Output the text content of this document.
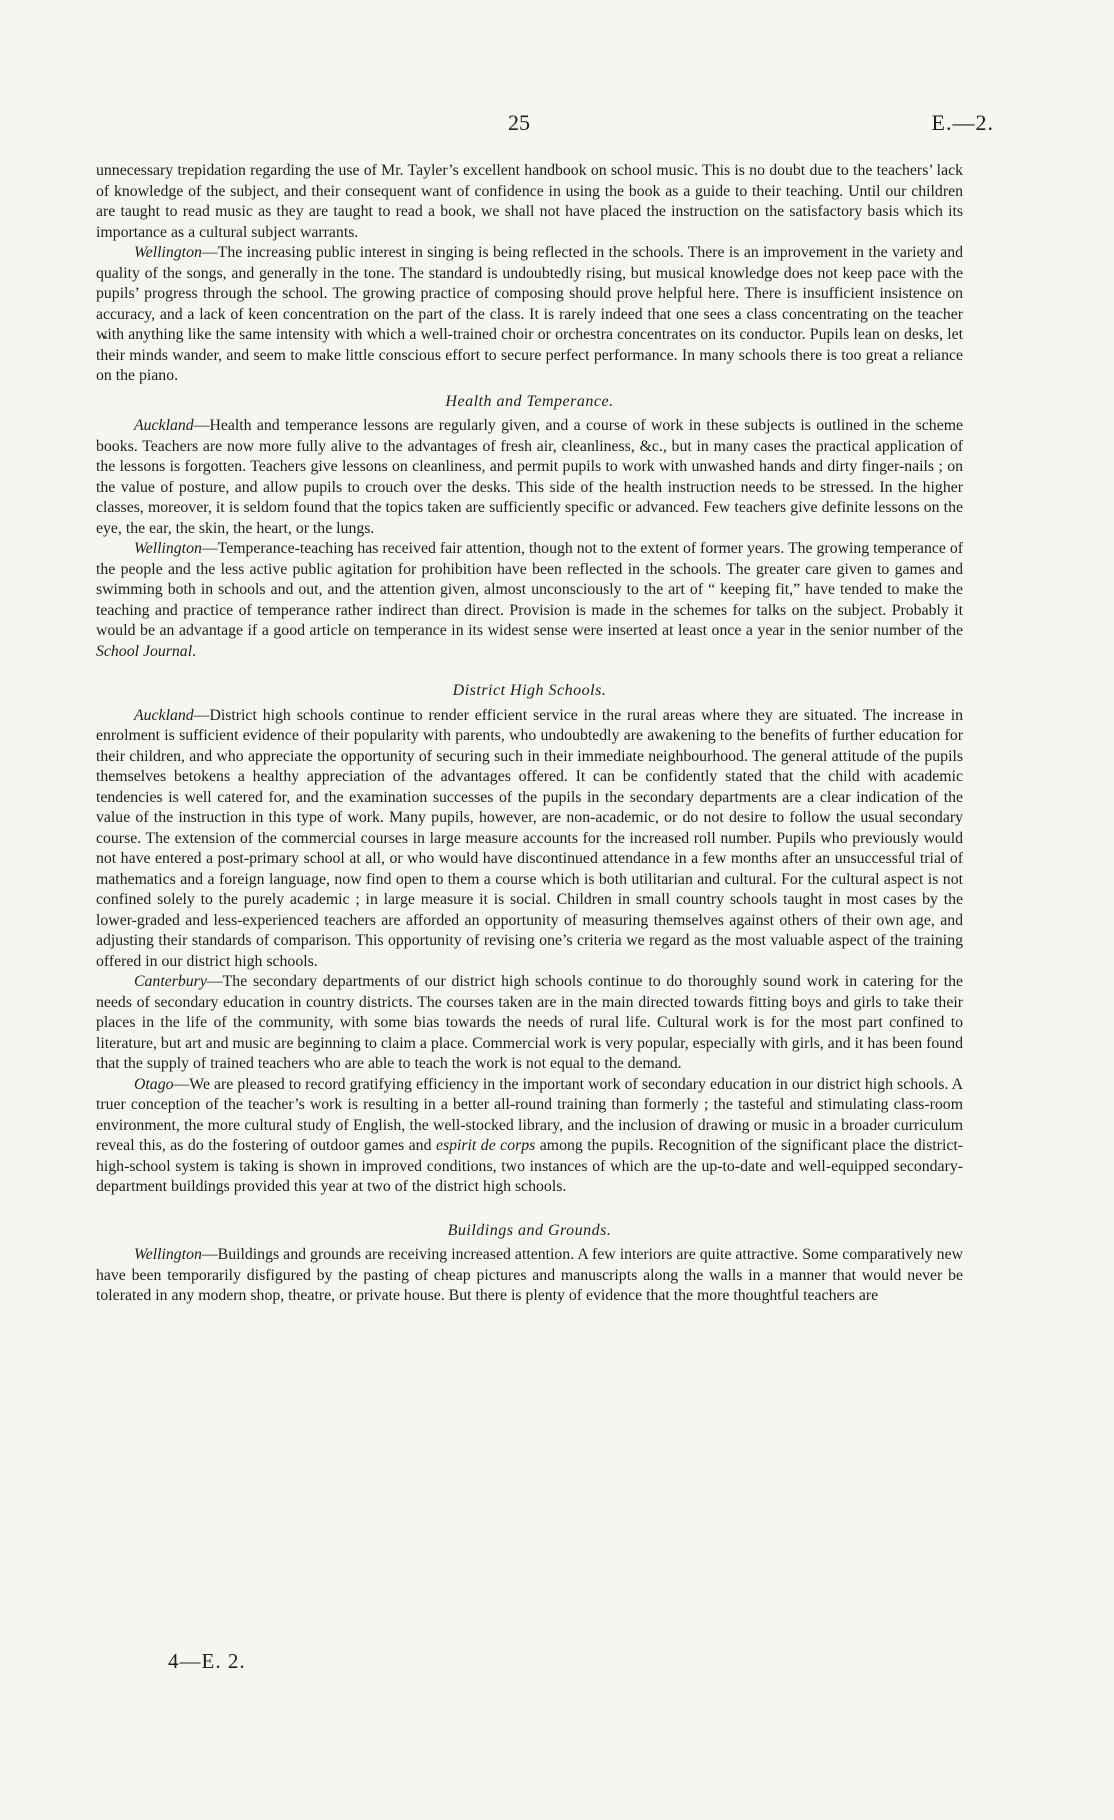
25	E.—2.

unnecessary trepidation regarding the use of Mr. Tayler’s excellent handbook on school music. This is no doubt due to the teachers’ lack of knowledge of the subject, and their consequent want of confidence in using the book as a guide to their teaching. Until our children are taught to read music as they are taught to read a book, we shall not have placed the instruction on the satisfactory basis which its importance as a cultural subject warrants.

Wellington—The increasing public interest in singing is being reflected in the schools. There is an improvement in the variety and quality of the songs, and generally in the tone. The standard is undoubtedly rising, but musical knowledge does not keep pace with the pupils’ progress through the school. The growing practice of composing should prove helpful here. There is insufficient insistence on accuracy, and a lack of keen concentration on the part of the class. It is rarely indeed that one sees a class concentrating on the teacher with anything like the same intensity with which a well-trained choir or orchestra concentrates on its conductor. Pupils lean on desks, let their minds wander, and seem to make little conscious effort to secure perfect performance. In many schools there is too great a reliance on the piano.

Health and Temperance.

Auckland—Health and temperance lessons are regularly given, and a course of work in these subjects is outlined in the scheme books. Teachers are now more fully alive to the advantages of fresh air, cleanliness, &c., but in many cases the practical application of the lessons is forgotten. Teachers give lessons on cleanliness, and permit pupils to work with unwashed hands and dirty finger-nails ; on the value of posture, and allow pupils to crouch over the desks. This side of the health instruction needs to be stressed. In the higher classes, moreover, it is seldom found that the topics taken are sufficiently specific or advanced. Few teachers give definite lessons on the eye, the ear, the skin, the heart, or the lungs.

Wellington—Temperance-teaching has received fair attention, though not to the extent of former years. The growing temperance of the people and the less active public agitation for prohibition have been reflected in the schools. The greater care given to games and swimming both in schools and out, and the attention given, almost unconsciously to the art of “ keeping fit,” have tended to make the teaching and practice of temperance rather indirect than direct. Provision is made in the schemes for talks on the subject. Probably it would be an advantage if a good article on temperance in its widest sense were inserted at least once a year in the senior number of the School Journal.

District High Schools.

Auckland—District high schools continue to render efficient service in the rural areas where they are situated. The increase in enrolment is sufficient evidence of their popularity with parents, who undoubtedly are awakening to the benefits of further education for their children, and who appreciate the opportunity of securing such in their immediate neighbourhood. The general attitude of the pupils themselves betokens a healthy appreciation of the advantages offered. It can be confidently stated that the child with academic tendencies is well catered for, and the examination successes of the pupils in the secondary departments are a clear indication of the value of the instruction in this type of work. Many pupils, however, are non-academic, or do not desire to follow the usual secondary course. The extension of the commercial courses in large measure accounts for the increased roll number. Pupils who previously would not have entered a post-primary school at all, or who would have discontinued attendance in a few months after an unsuccessful trial of mathematics and a foreign language, now find open to them a course which is both utilitarian and cultural. For the cultural aspect is not confined solely to the purely academic ; in large measure it is social. Children in small country schools taught in most cases by the lower-graded and less-experienced teachers are afforded an opportunity of measuring themselves against others of their own age, and adjusting their standards of comparison. This opportunity of revising one’s criteria we regard as the most valuable aspect of the training offered in our district high schools.

Canterbury—The secondary departments of our district high schools continue to do thoroughly sound work in catering for the needs of secondary education in country districts. The courses taken are in the main directed towards fitting boys and girls to take their places in the life of the community, with some bias towards the needs of rural life. Cultural work is for the most part confined to literature, but art and music are beginning to claim a place. Commercial work is very popular, especially with girls, and it has been found that the supply of trained teachers who are able to teach the work is not equal to the demand.

Otago—We are pleased to record gratifying efficiency in the important work of secondary education in our district high schools. A truer conception of the teacher’s work is resulting in a better all-round training than formerly ; the tasteful and stimulating class-room environment, the more cultural study of English, the well-stocked library, and the inclusion of drawing or music in a broader curriculum reveal this, as do the fostering of outdoor games and espirit de corps among the pupils. Recognition of the significant place the district-high-school system is taking is shown in improved conditions, two instances of which are the up-to-date and well-equipped secondary-department buildings provided this year at two of the district high schools.

Buildings and Grounds.

Wellington—Buildings and grounds are receiving increased attention. A few interiors are quite attractive. Some comparatively new have been temporarily disfigured by the pasting of cheap pictures and manuscripts along the walls in a manner that would never be tolerated in any modern shop, theatre, or private house. But there is plenty of evidence that the more thoughtful teachers are

4—E. 2.
